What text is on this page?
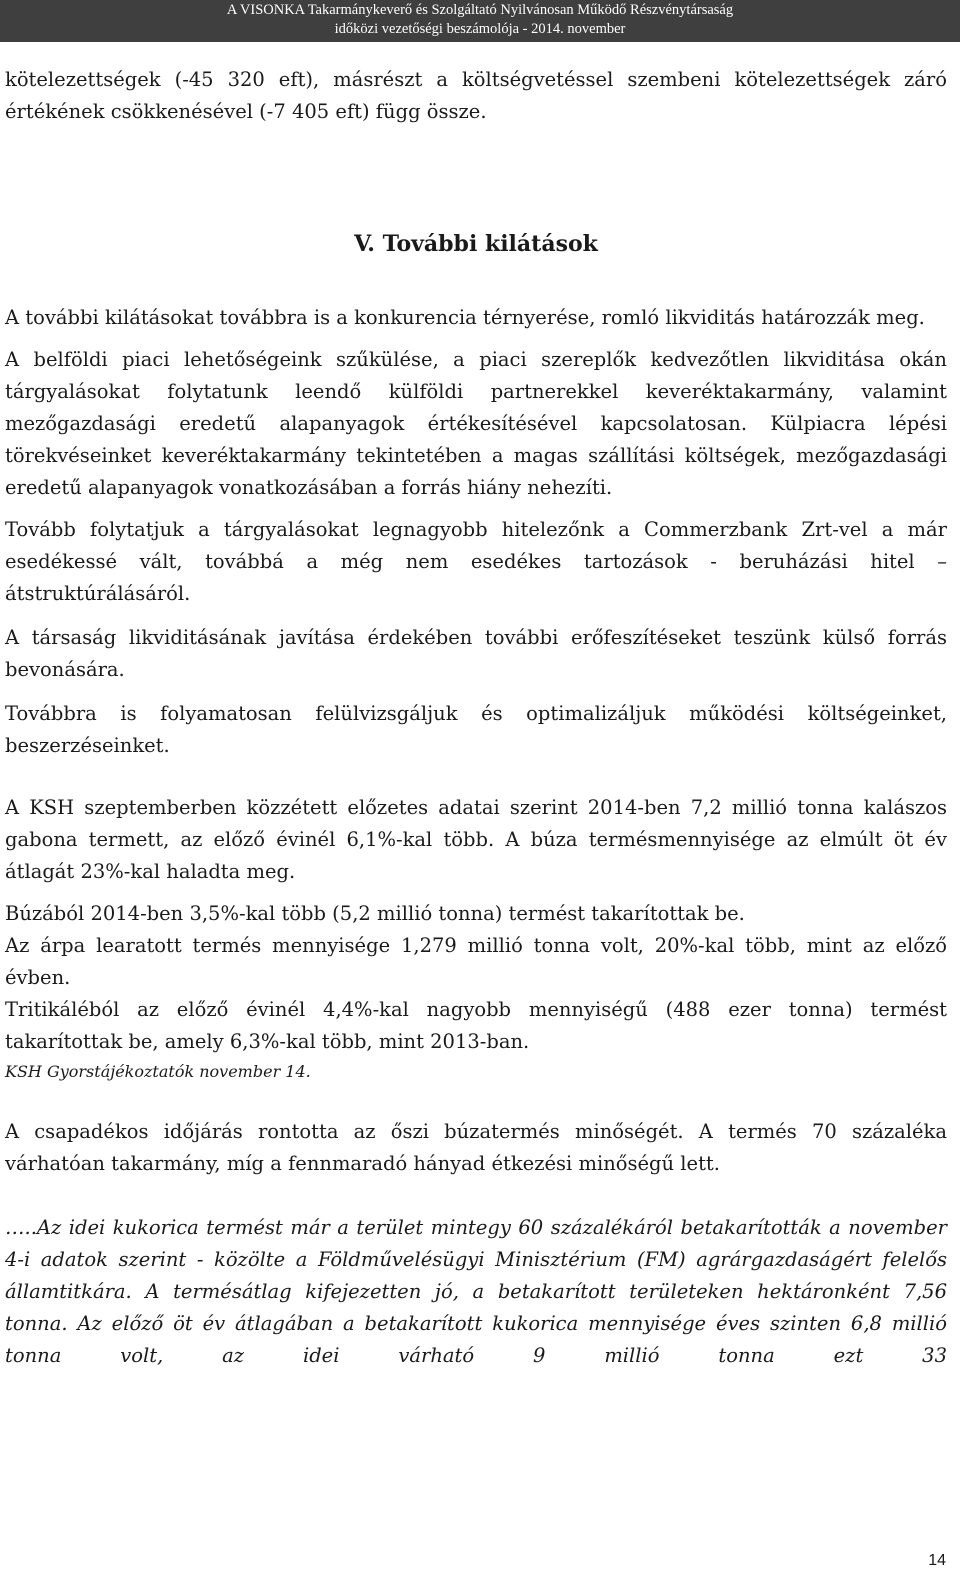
A VISONKA Takarmánykeverő és Szolgáltató Nyilvánosan Működő Részvénytársaság
időközi vezetőségi beszámolója - 2014. november

kötelezettségek (-45 320 eft), másrészt a költségvetéssel szembeni kötelezettségek záró értékének csökkenésével (-7 405 eft) függ össze.

V. További kilátások

A további kilátásokat továbbra is a konkurencia térnyerése, romló likviditás határozzák meg.

A belföldi piaci lehetőségeink szűkülése, a piaci szereplők kedvezőtlen likviditása okán tárgyalásokat folytatunk leendő külföldi partnerekkel keveréktakarmány, valamint mezőgazdasági eredetű alapanyagok értékesítésével kapcsolatosan. Külpiacra lépési törekvéseinket keveréktakarmány tekintetében a magas szállítási költségek, mezőgazdasági eredetű alapanyagok vonatkozásában a forrás hiány nehezíti.

Tovább folytatjuk a tárgyalásokat legnagyobb hitelezőnk a Commerzbank Zrt-vel a már esedékessé vált, továbbá a még nem esedékes tartozások - beruházási hitel – átstruktúrálásáról.

A társaság likviditásának javítása érdekében további erőfeszítéseket teszünk külső forrás bevonására.

Továbbra is folyamatosan felülvizsgáljuk és optimalizáljuk működési költségeinket, beszerzéseinket.

A KSH szeptemberben közzétett előzetes adatai szerint 2014-ben 7,2 millió tonna kalászos gabona termett, az előző évinél 6,1%-kal több. A búza termésmennyisége az elmúlt öt év átlagát 23%-kal haladta meg.

Búzából 2014-ben 3,5%-kal több (5,2 millió tonna) termést takarítottak be.

Az árpa learatott termés mennyisége 1,279 millió tonna volt, 20%-kal több, mint az előző évben.

Tritikáléból az előző évinél 4,4%-kal nagyobb mennyiségű (488 ezer tonna) termést takarítottak be, amely 6,3%-kal több, mint 2013-ban.

KSH Gyorstájékoztatók november 14.

A csapadékos időjárás rontotta az őszi búzatermés minőségét. A termés 70 százaléka várhatóan takarmány, míg a fennmaradó hányad étkezési minőségű lett.

…..Az idei kukorica termést már a terület mintegy 60 százalékáról betakarították a november 4-i adatok szerint - közölte a Földművelésügyi Minisztérium (FM) agrárgazdaságért felelős államtitkára. A termésátlag kifejezetten jó, a betakarított területeken hektáronként 7,56 tonna. Az előző öt év átlagában a betakarított kukorica mennyisége éves szinten 6,8 millió tonna volt, az idei várható 9 millió tonna ezt 33

14
